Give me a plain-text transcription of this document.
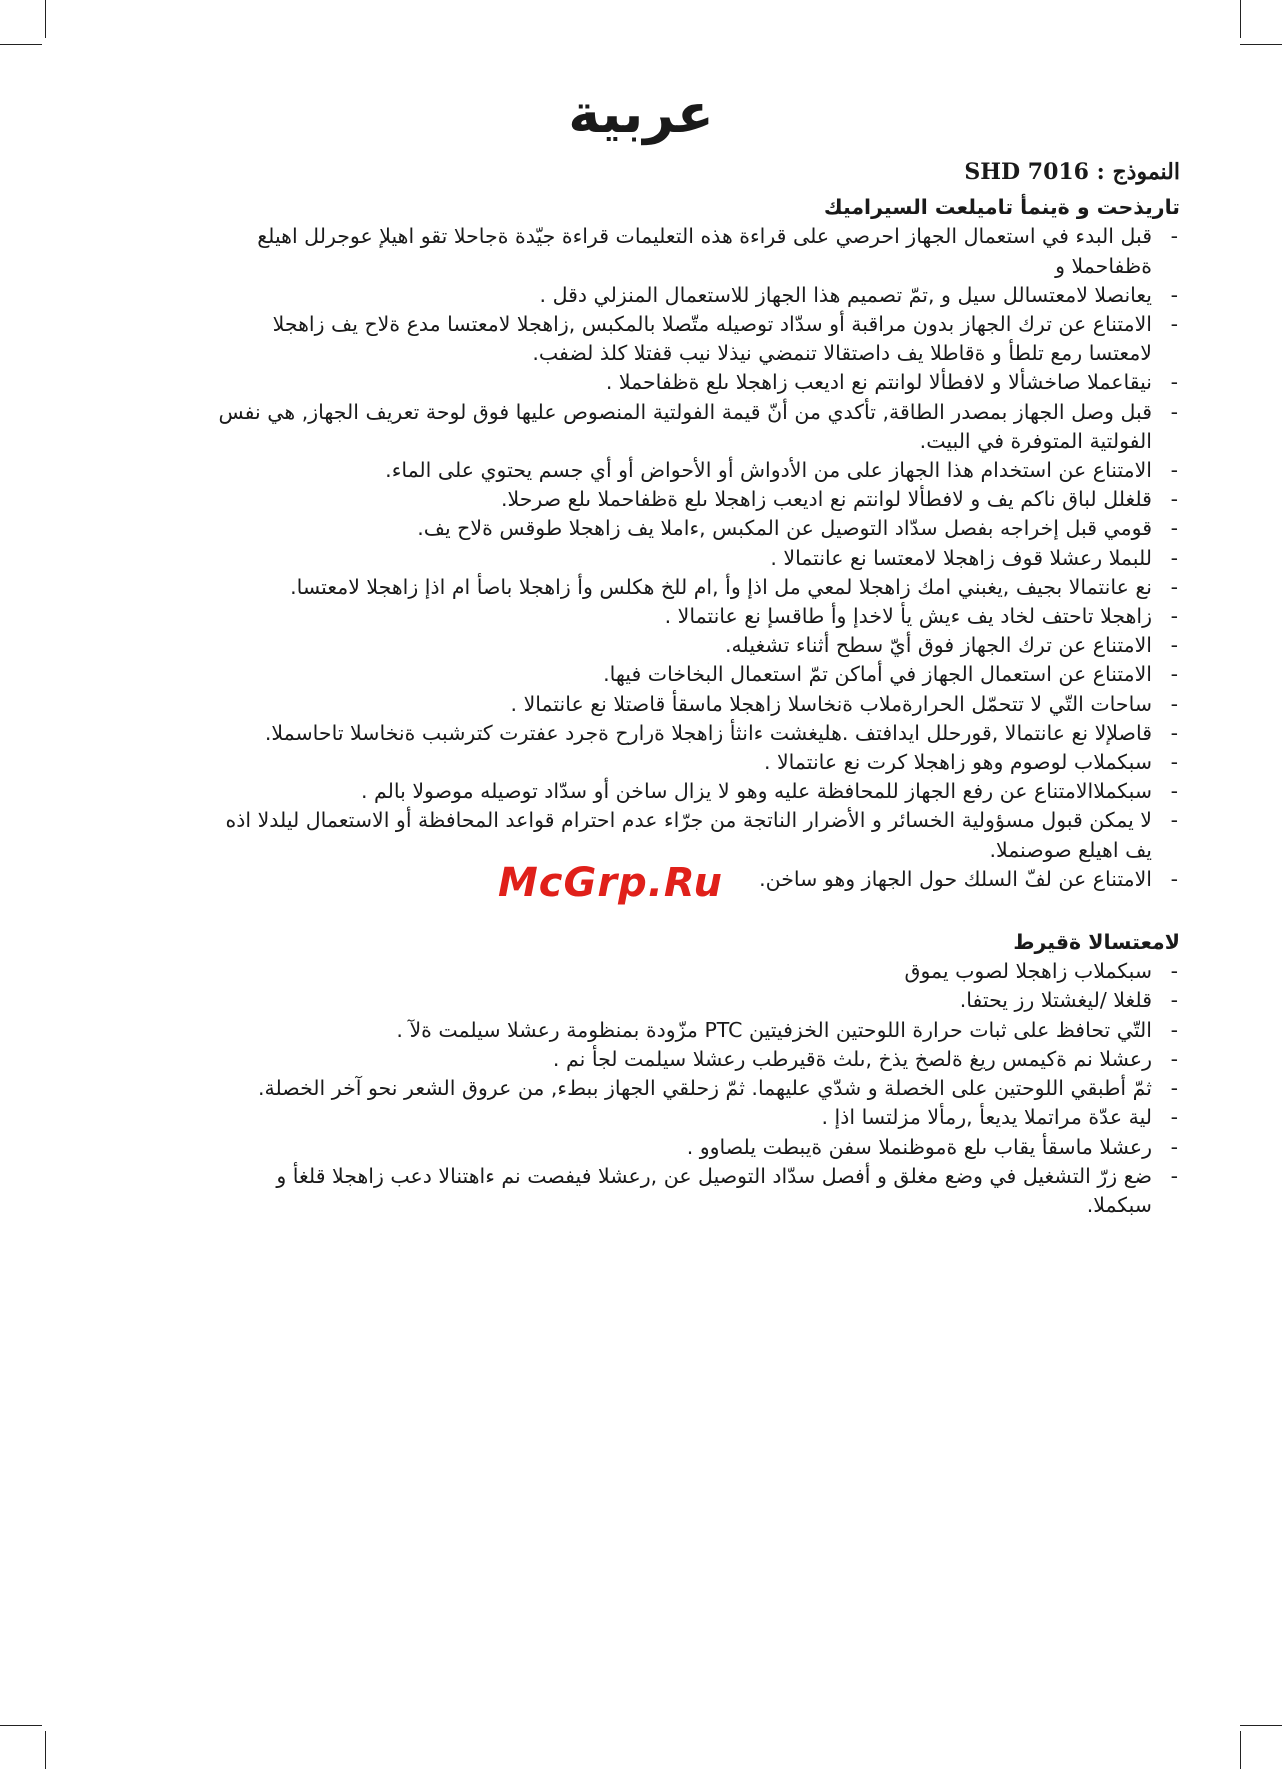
عربية
النموذج : SHD 7016
تاريذحت و ةينمأ تاميلعت السيراميك
-
قبل البدء في استعمال الجهاز احرصي على قراءة هذه التعليمات قراءة جيّدة ةجاحلا تقو اهيلإ عوجرلل اهيلع ةظفاحملا و
-
يعانصلا لامعتسالل سيل و ,تمّ تصميم هذا الجهاز للاستعمال المنزلي دقل .
-
الامتناع عن ترك الجهاز بدون مراقبة أو سدّاد توصيله متّصلا بالمكبس ,زاهجلا لامعتسا مدع ةلاح يف زاهجلا لامعتسا رمع تلطأ و ةقاطلا يف داصتقالا تنمضي نيذلا نيب قفتلا كلذ لضفب.
-
نيقاعملا صاخشألا و لافطألا لوانتم نع اديعب زاهجلا ىلع ةظفاحملا .
-
قبل وصل الجهاز بمصدر الطاقة, تأكدي من أنّ قيمة الفولتية المنصوص عليها فوق لوحة تعريف الجهاز, هي نفس الفولتية المتوفرة في البيت.
-
الامتناع عن استخدام هذا الجهاز على من الأدواش أو الأحواض أو أي جسم يحتوي على الماء.
-
قلغلل لباق ناكم يف و لافطألا لوانتم نع اديعب زاهجلا ىلع ةظفاحملا ىلع صرحلا.
-
قومي قبل إخراجه بفصل سدّاد التوصيل عن المكبس ,ءاملا يف زاهجلا طوقس ةلاح يف.
-
للبملا رعشلا قوف زاهجلا لامعتسا نع عانتمالا .
-
نع عانتمالا بجيف ,يغبني امك زاهجلا لمعي مل اذإ وأ ,ام للخ هكلس وأ زاهجلا باصأ ام اذإ زاهجلا لامعتسا.
-
زاهجلا تاحتف لخاد يف ءيش يأ لاخدإ وأ طاقسإ نع عانتمالا .
-
الامتناع عن ترك الجهاز فوق أيّ سطح أثناء تشغيله.
-
الامتناع عن استعمال الجهاز في أماكن تمّ استعمال البخاخات فيها.
-
ساحات التّي لا تتحمّل الحرارةملاب ةنخاسلا زاهجلا ماسقأ قاصتلا نع عانتمالا .
-
قاصلإلا نع عانتمالا ,قورحلل ايدافتف .هليغشت ءانثأ زاهجلا ةرارح ةجرد عفترت كترشبب ةنخاسلا تاحاسملا.
-
سبكملاب لوصوم وهو زاهجلا كرت نع عانتمالا .
-
سبكملاالامتناع عن رفع الجهاز للمحافظة عليه وهو لا يزال ساخن أو سدّاد توصيله موصولا بالم .
-
لا يمكن قبول مسؤولية الخسائر و الأضرار الناتجة من جرّاء عدم احترام قواعد المحافظة أو الاستعمال ليلدلا اذه يف اهيلع صوصنملا.
-
الامتناع عن لفّ السلك حول الجهاز وهو ساخن.
لامعتسالا ةقيرط
-
سبكملاب زاهجلا لصوب يموق
-
قلغلا /ليغشتلا رز يحتفا.
-
التّي تحافظ على ثبات حرارة اللوحتين الخزفيتين PTC مزّودة بمنظومة رعشلا سيلمت ةلآ .
-
رعشلا نم ةكيمس ريغ ةلصخ يذخ ,ىلث ةقيرطب رعشلا سيلمت لجأ نم .
-
ثمّ أطبقي اللوحتين على الخصلة و شدّي عليهما. ثمّ زحلقي الجهاز ببطء, من عروق الشعر نحو آخر الخصلة.
-
لية عدّة مراتملا يديعأ ,رمألا مزلتسا اذإ .
-
رعشلا ماسقأ يقاب ىلع ةموظنملا سفن ةيبطت يلصاوو .
-
ضع زرّ التشغيل في وضع مغلق و أفصل سدّاد التوصيل عن ,رعشلا فيفصت نم ءاهتنالا دعب زاهجلا قلغأ و سبكملا.
McGrp.Ru
